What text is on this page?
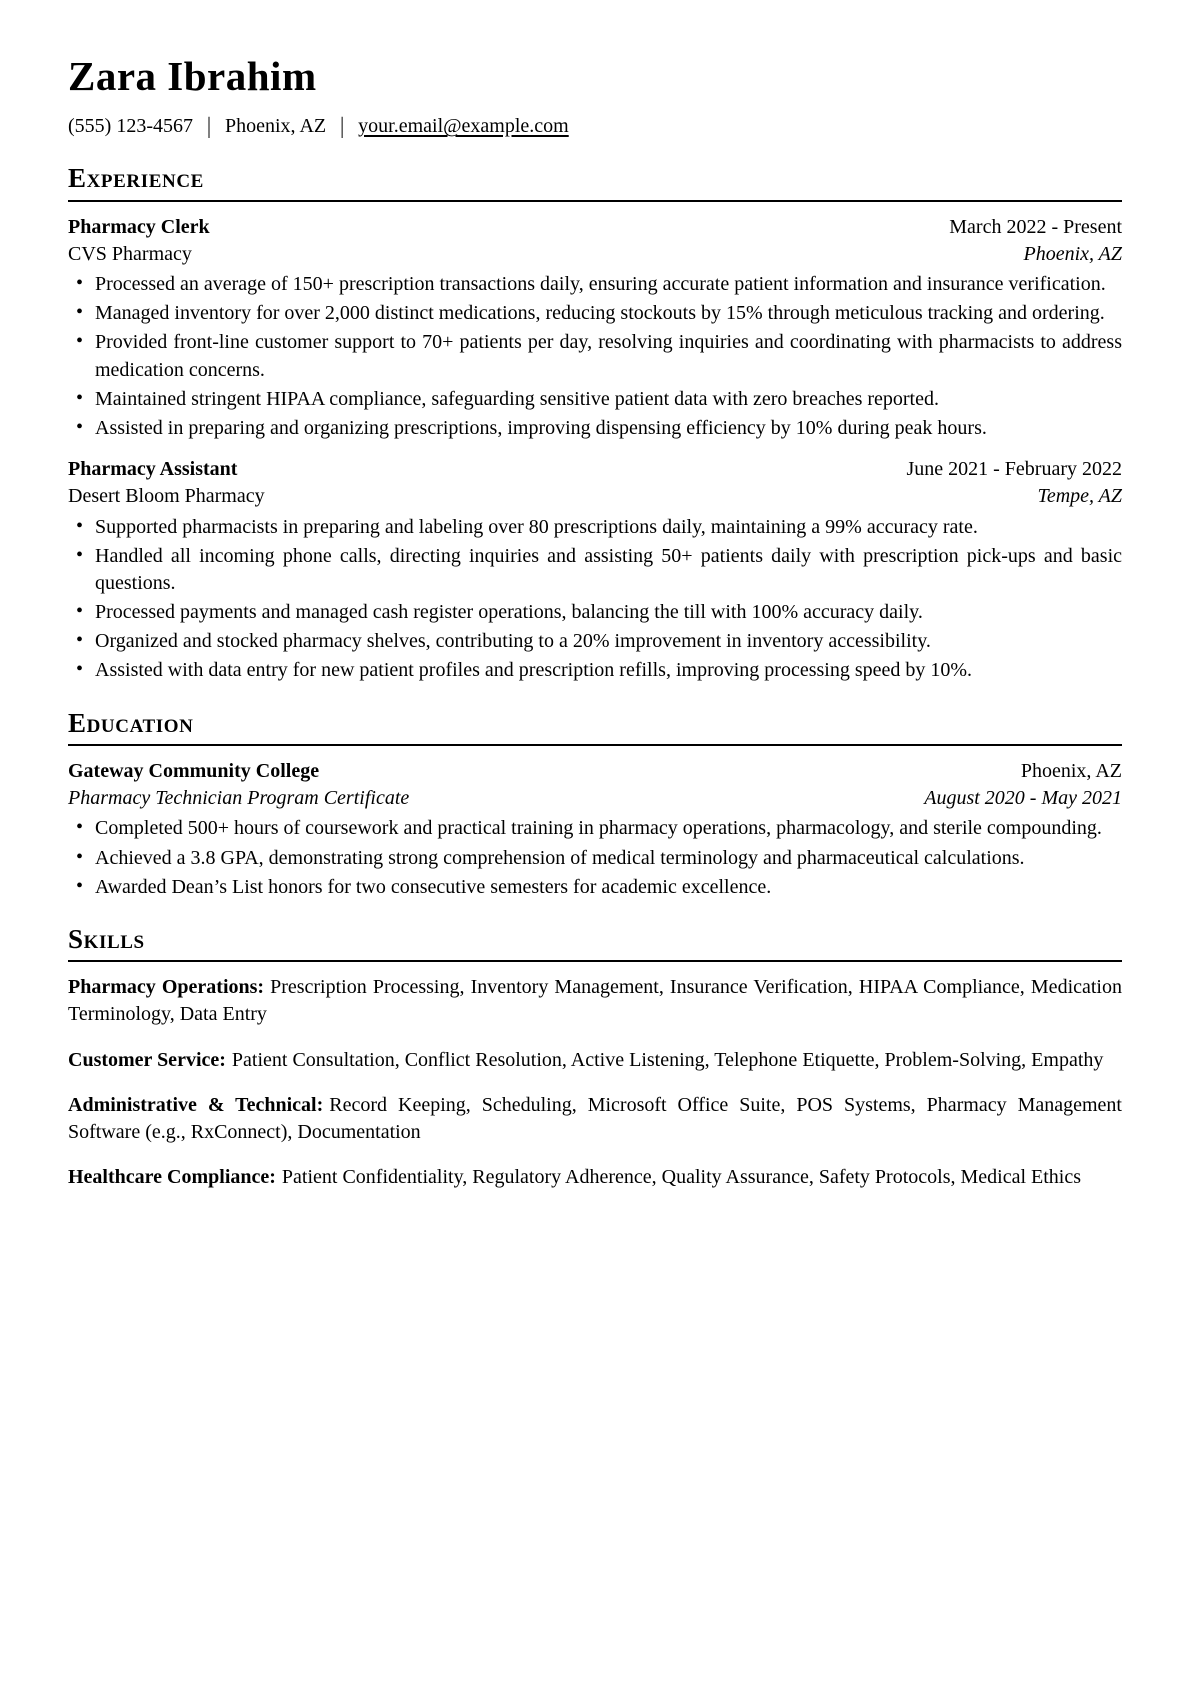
Zara Ibrahim
(555) 123-4567 | Phoenix, AZ | your.email@example.com
Experience
Pharmacy Clerk	March 2022 - Present
CVS Pharmacy	Phoenix, AZ
• Processed an average of 150+ prescription transactions daily, ensuring accurate patient information and insurance verification.
• Managed inventory for over 2,000 distinct medications, reducing stockouts by 15% through meticulous tracking and ordering.
• Provided front-line customer support to 70+ patients per day, resolving inquiries and coordinating with pharmacists to address medication concerns.
• Maintained stringent HIPAA compliance, safeguarding sensitive patient data with zero breaches reported.
• Assisted in preparing and organizing prescriptions, improving dispensing efficiency by 10% during peak hours.
Pharmacy Assistant	June 2021 - February 2022
Desert Bloom Pharmacy	Tempe, AZ
• Supported pharmacists in preparing and labeling over 80 prescriptions daily, maintaining a 99% accuracy rate.
• Handled all incoming phone calls, directing inquiries and assisting 50+ patients daily with prescription pick-ups and basic questions.
• Processed payments and managed cash register operations, balancing the till with 100% accuracy daily.
• Organized and stocked pharmacy shelves, contributing to a 20% improvement in inventory accessibility.
• Assisted with data entry for new patient profiles and prescription refills, improving processing speed by 10%.
Education
Gateway Community College	Phoenix, AZ
Pharmacy Technician Program Certificate	August 2020 - May 2021
• Completed 500+ hours of coursework and practical training in pharmacy operations, pharmacology, and sterile compounding.
• Achieved a 3.8 GPA, demonstrating strong comprehension of medical terminology and pharmaceutical calculations.
• Awarded Dean’s List honors for two consecutive semesters for academic excellence.
Skills

Pharmacy Operations: Prescription Processing, Inventory Management, Insurance Verification, HIPAA Compliance, Medication Terminology, Data Entry

Customer Service: Patient Consultation, Conflict Resolution, Active Listening, Telephone Etiquette, Problem-Solving, Empathy

Administrative & Technical: Record Keeping, Scheduling, Microsoft Office Suite, POS Systems, Pharmacy Management Software (e.g., RxConnect), Documentation

Healthcare Compliance: Patient Confidentiality, Regulatory Adherence, Quality Assurance, Safety Protocols, Medical Ethics
